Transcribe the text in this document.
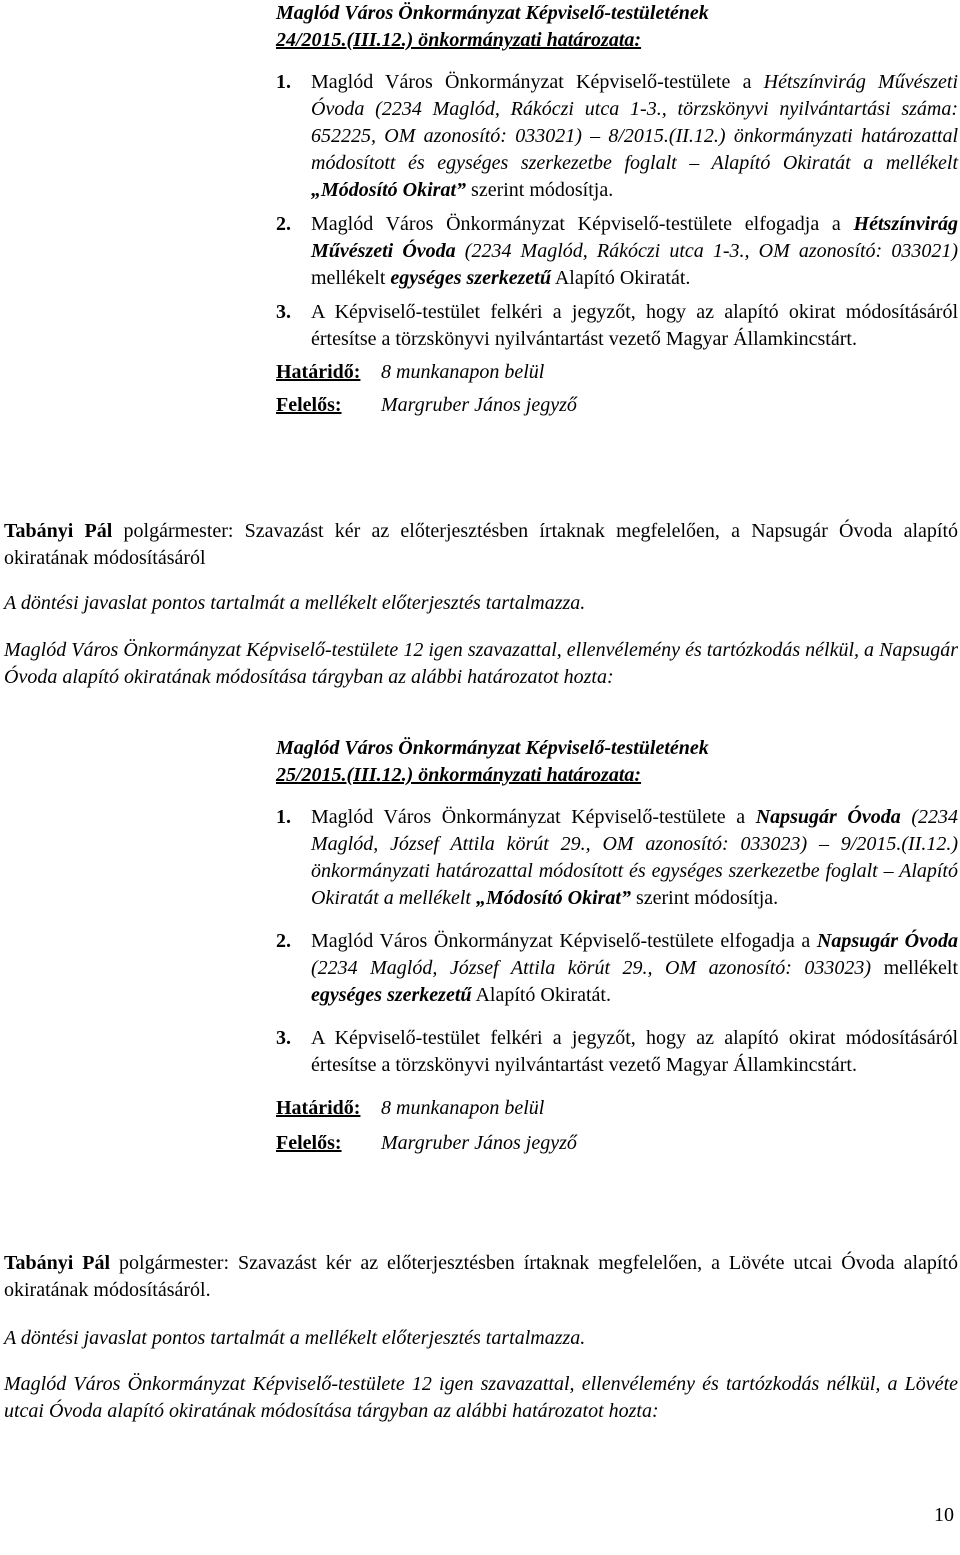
Maglód Város Önkormányzat Képviselő-testületének

24/2015.(III.12.) önkormányzati határozata:

1. Maglód Város Önkormányzat Képviselő-testülete a Hétszínvirág Művészeti Óvoda (2234 Maglód, Rákóczi utca 1-3., törzskönyvi nyilvántartási száma: 652225, OM azonosító: 033021) – 8/2015.(II.12.) önkormányzati határozattal módosított és egységes szerkezetbe foglalt – Alapító Okiratát a mellékelt „Módosító Okirat” szerint módosítja.

2. Maglód Város Önkormányzat Képviselő-testülete elfogadja a Hétszínvirág Művészeti Óvoda (2234 Maglód, Rákóczi utca 1-3., OM azonosító: 033021) mellékelt egységes szerkezetű Alapító Okiratát.

3. A Képviselő-testület felkéri a jegyzőt, hogy az alapító okirat módosításáról értesítse a törzskönyvi nyilvántartást vezető Magyar Államkincstárt.

Határidő: 8 munkanapon belül

Felelős: Margruber János jegyző

Tabányi Pál polgármester: Szavazást kér az előterjesztésben írtaknak megfelelően, a Napsugár Óvoda alapító okiratának módosításáról

A döntési javaslat pontos tartalmát a mellékelt előterjesztés tartalmazza.

Maglód Város Önkormányzat Képviselő-testülete 12 igen szavazattal, ellenvélemény és tartózkodás nélkül, a Napsugár Óvoda alapító okiratának módosítása tárgyban az alábbi határozatot hozta:

Maglód Város Önkormányzat Képviselő-testületének

25/2015.(III.12.) önkormányzati határozata:

1. Maglód Város Önkormányzat Képviselő-testülete a Napsugár Óvoda (2234 Maglód, József Attila körút 29., OM azonosító: 033023) – 9/2015.(II.12.) önkormányzati határozattal módosított és egységes szerkezetbe foglalt – Alapító Okiratát a mellékelt „Módosító Okirat” szerint módosítja.

2. Maglód Város Önkormányzat Képviselő-testülete elfogadja a Napsugár Óvoda (2234 Maglód, József Attila körút 29., OM azonosító: 033023) mellékelt egységes szerkezetű Alapító Okiratát.

3. A Képviselő-testület felkéri a jegyzőt, hogy az alapító okirat módosításáról értesítse a törzskönyvi nyilvántartást vezető Magyar Államkincstárt.

Határidő: 8 munkanapon belül

Felelős: Margruber János jegyző

Tabányi Pál polgármester: Szavazást kér az előterjesztésben írtaknak megfelelően, a Lövéte utcai Óvoda alapító okiratának módosításáról.

A döntési javaslat pontos tartalmát a mellékelt előterjesztés tartalmazza.

Maglód Város Önkormányzat Képviselő-testülete 12 igen szavazattal, ellenvélemény és tartózkodás nélkül, a Lövéte utcai Óvoda alapító okiratának módosítása tárgyban az alábbi határozatot hozta:

10
